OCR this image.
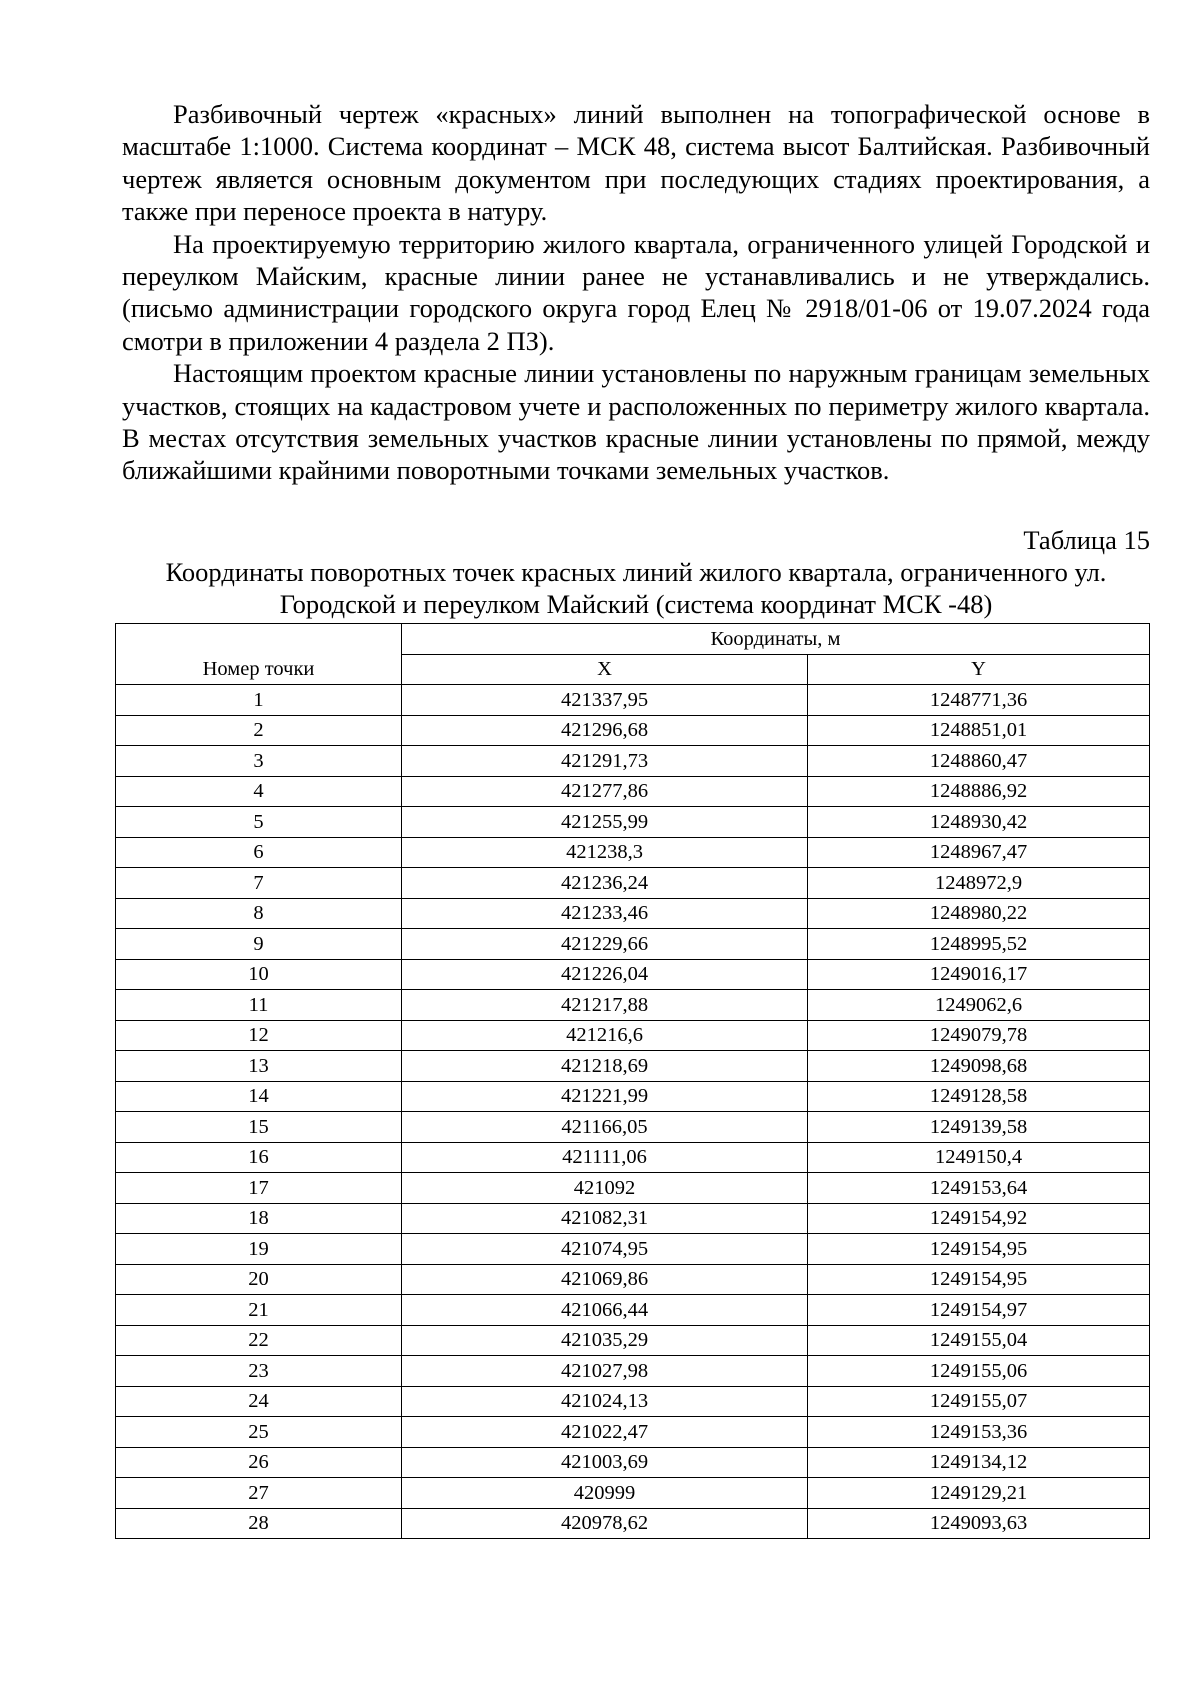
Разбивочный чертеж «красных» линий выполнен на топографической основе в масштабе 1:1000. Система координат – МСК 48, система высот Балтийская. Разбивочный чертеж является основным документом при последующих стадиях проектирования, а также при переносе проекта в натуру.

На проектируемую территорию жилого квартала, ограниченного улицей Городской и переулком Майским, красные линии ранее не устанавливались и не утверждались. (письмо администрации городского округа город Елец № 2918/01-06 от 19.07.2024 года смотри в приложении 4 раздела 2 ПЗ).

Настоящим проектом красные линии установлены по наружным границам земельных участков, стоящих на кадастровом учете и расположенных по периметру жилого квартала. В местах отсутствия земельных участков красные линии установлены по прямой, между ближайшими крайними поворотными точками земельных участков.

Таблица 15
Координаты поворотных точек красных линий жилого квартала, ограниченного ул. Городской и переулком Майский (система координат МСК -48)
	Координаты, м	
Номер точки	X	Y
1	421337,95	1248771,36
2	421296,68	1248851,01
3	421291,73	1248860,47
4	421277,86	1248886,92
5	421255,99	1248930,42
6	421238,3	1248967,47
7	421236,24	1248972,9
8	421233,46	1248980,22
9	421229,66	1248995,52
10	421226,04	1249016,17
11	421217,88	1249062,6
12	421216,6	1249079,78
13	421218,69	1249098,68
14	421221,99	1249128,58
15	421166,05	1249139,58
16	421111,06	1249150,4
17	421092	1249153,64
18	421082,31	1249154,92
19	421074,95	1249154,95
20	421069,86	1249154,95
21	421066,44	1249154,97
22	421035,29	1249155,04
23	421027,98	1249155,06
24	421024,13	1249155,07
25	421022,47	1249153,36
26	421003,69	1249134,12
27	420999	1249129,21
28	420978,62	1249093,63
